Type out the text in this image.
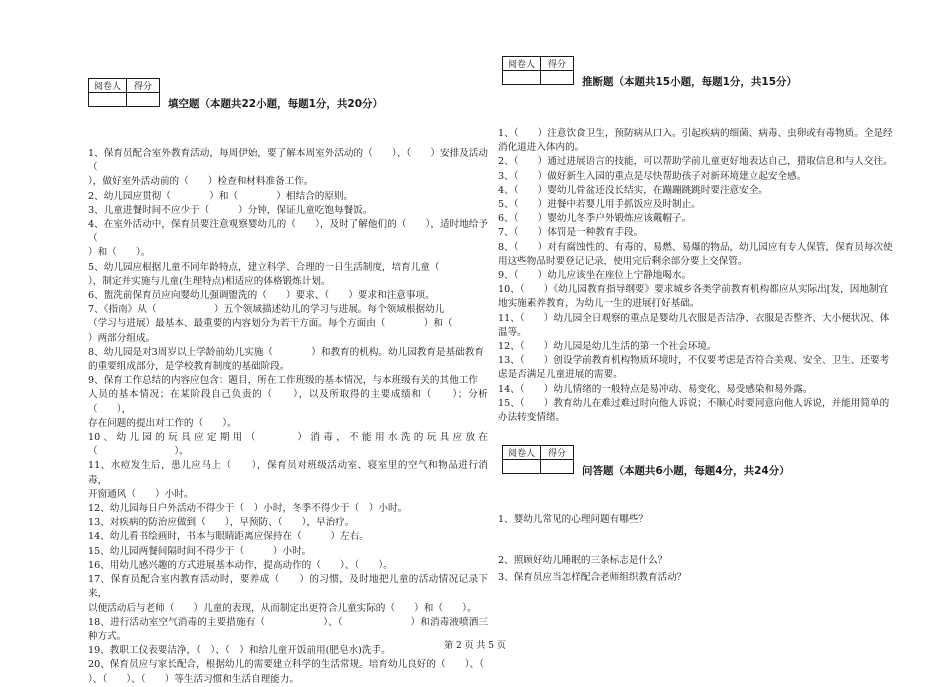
阅卷人	得分

填空题（本题共22小题，每题1分，共20分）

1、保育员配合室外教育活动，每周伊始，要了解本周室外活动的（　　）、（　　）安排及活动（

），做好室外活动前的（　　）检查和材料准备工作。

2、幼儿园应贯彻（　　　　）和（　　　　）相结合的原则。

3、儿童进餐时间不应少于（　　　）分钟，保证儿童吃饱每餐饭。

4、在室外活动中，保育员要注意观察婴幼儿的（　　），及时了解他们的（　　），适时地给予（

）和（　　）。

5、幼儿园应根据儿童不同年龄特点，建立科学、合理的一日生活制度，培育儿童（

），制定并实施与儿童(生理特点)相适应的体格锻炼计划。

6、盥洗前保育员应向婴幼儿强调盥洗的（　　）要求、（　　）要求和注意事项。

7、《指南》从（　　　　　　）五个领域描述幼儿的学习与进展。每个领域根据幼儿

（学习与进展）最基本、最重要的内容划分为若干方面。每个方面由（　　　　）和（

）两部分组成。

8、幼儿园是对3周岁以上学龄前幼儿实施（　　　　）和教育的机构。幼儿园教育是基础教育

的重要组成部分，是学校教育制度的基础阶段。

9、保育工作总结的内容应包含：题目，所在工作班级的基本情况，与本班级有关的其他工作

人员的基本情况；在某阶段自己负责的（　　），以及所取得的主要成绩和（　　）；分析（　　），

存在问题的提出对工作的（　　）。

10、幼儿园的玩具应定期用（　　　）消毒，不能用水洗的玩具应放在（　　　　　　　　）。

11、水痘发生后，患儿应马上（　　），保育员对班级活动室、寝室里的空气和物品进行消毒，

开窗通风（　　）小时。

12、幼儿园每日户外活动不得少于（　）小时，冬季不得少于（　）小时。

13、对疾病的防治应做到（　　），早预防、（　　），早治疗。

14、幼儿看书绘画时，书本与眼睛距离应保持在（　　　）左右。

15、幼儿园两餐间隔时间不得少于（　　　）小时。

16、用幼儿感兴趣的方式进展基本动作，提高动作的（　　）、（　　）。

17、保育员配合室内教育活动时，要养成（　　）的习惯，及时地把儿童的活动情况记录下来，

以便活动后与老师（　　）儿童的表现，从而制定出更符合儿童实际的（　　）和（　　）。

18、进行活动室空气消毒的主要措施有（　　　　　　）、（　　　　　　　）和消毒液喷洒三种方式。

19、教职工仪表要洁净，（　）、（　）和给儿童开饭前用(肥皂水)洗手。

20、保育员应与家长配合，根据幼儿的需要建立科学的生活常规。培育幼儿良好的（　　）、（

）、（　　）、（　　）等生活习惯和生活自理能力。

阅卷人	得分

推断题（本题共15小题，每题1分，共15分）

1、（　　）注意饮食卫生，预防病从口入。引起疾病的细菌、病毒、虫卵或有毒物质。全是经

消化道进入体内的。

2、（　　）通过进展语言的技能，可以帮助学前儿童更好地表达自己，猎取信息和与人交往。

3、（　　）做好新生入园的重点是尽快帮助孩子对新环境建立起安全感。

4、（　　）婴幼儿骨盆还没长结实，在蹦蹦跳跳时要注意安全。

5、（　　）进餐中若婴儿用手抓饭应及时制止。

6、（　　）婴幼儿冬季户外锻炼应该戴帽子。

7、（　　）体罚是一种教育手段。

8、（　　）对有腐蚀性的、有毒的、易燃、易爆的物品，幼儿园应有专人保管，保育员每次使

用这些物品时要登记记录，使用完后剩余部分要上交保管。

9、（　　）幼儿应该坐在座位上宁静地喝水。

10、（　　）《幼儿园教育指导纲要》要求城乡各类学前教育机构都应从实际出[发，因地制宜

地实施素养教育，为幼儿一生的进展打好基础。

11、（　　）幼儿园全日观察的重点是婴幼儿衣服是否洁净、衣服是否整齐、大小便状况、体

温等。

12、（　　）幼儿园是幼儿生活的第一个社会环境。

13、（　　）创设学前教育机构物质环境时，不仅要考虑是否符合美观、安全、卫生、还要考

虑是否满足儿童进展的需要。

14、（　　）幼儿情绪的一般特点是易冲动、易变化、易受感染和易外露。

15、（　　）教育幼儿在难过难过时向他人诉说；不顺心时要同意向他人诉说，并能用简单的

办法转变情绪。

阅卷人	得分

问答题（本题共6小题，每题4分，共24分）

1、婴幼儿常见的心理问题有哪些？

2、照顾好幼儿睡眠的三条标志是什么？

3、保育员应当怎样配合老师组织教育活动？

第 2 页 共 5 页
